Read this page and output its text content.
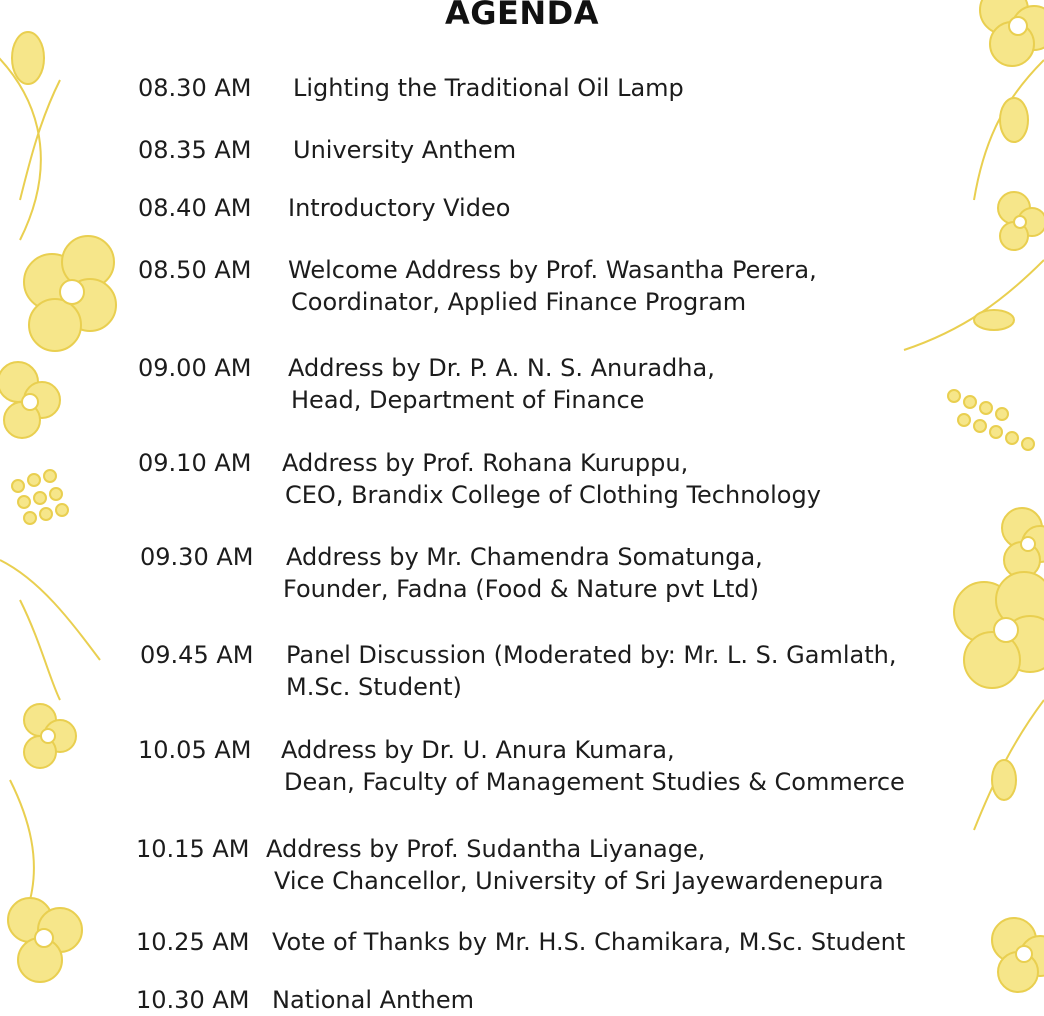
AGENDA
08.30 AM Lighting the Traditional Oil Lamp
08.35 AM University Anthem
08.40 AM Introductory Video
08.50 AM Welcome Address by Prof. Wasantha Perera,
Coordinator, Applied Finance Program
09.00 AM Address by Dr. P. A. N. S. Anuradha,
Head, Department of Finance
09.10 AM Address by Prof. Rohana Kuruppu,
CEO, Brandix College of Clothing Technology
09.30 AM Address by Mr. Chamendra Somatunga,
Founder, Fadna (Food & Nature pvt Ltd)
09.45 AM Panel Discussion (Moderated by: Mr. L. S. Gamlath,
M.Sc. Student)
10.05 AM Address by Dr. U. Anura Kumara,
Dean, Faculty of Management Studies & Commerce
10.15 AM Address by Prof. Sudantha Liyanage,
Vice Chancellor, University of Sri Jayewardenepura
10.25 AM Vote of Thanks by Mr. H.S. Chamikara, M.Sc. Student
10.30 AM National Anthem
